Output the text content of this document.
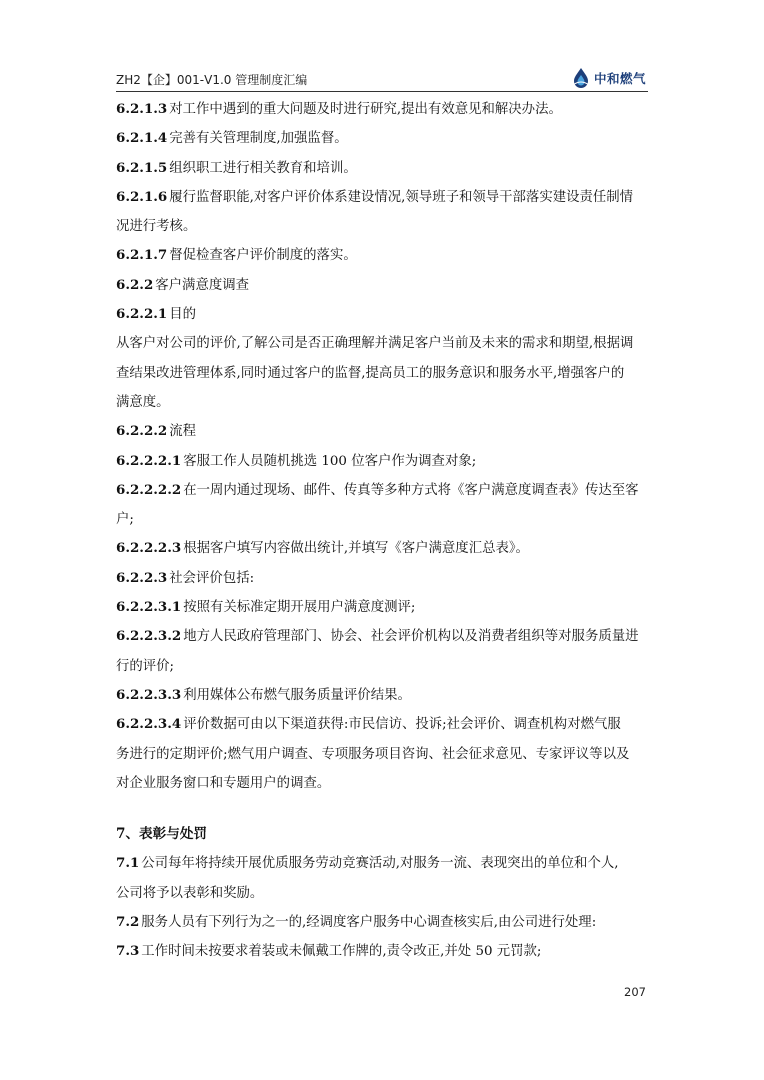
ZH2【企】001-V1.0 管理制度汇编	中和燃气

6.2.1.3 对工作中遇到的重大问题及时进行研究,提出有效意见和解决办法。

6.2.1.4 完善有关管理制度,加强监督。

6.2.1.5 组织职工进行相关教育和培训。

6.2.1.6 履行监督职能,对客户评价体系建设情况,领导班子和领导干部落实建设责任制情

况进行考核。

6.2.1.7 督促检查客户评价制度的落实。

6.2.2 客户满意度调查

6.2.2.1 目的

从客户对公司的评价,了解公司是否正确理解并满足客户当前及未来的需求和期望,根据调

查结果改进管理体系,同时通过客户的监督,提高员工的服务意识和服务水平,增强客户的

满意度。

6.2.2.2 流程

6.2.2.2.1 客服工作人员随机挑选 100 位客户作为调查对象;

6.2.2.2.2 在一周内通过现场、邮件、传真等多种方式将《客户满意度调查表》传达至客

户;

6.2.2.2.3 根据客户填写内容做出统计,并填写《客户满意度汇总表》。

6.2.2.3 社会评价包括:

6.2.2.3.1 按照有关标准定期开展用户满意度测评;

6.2.2.3.2 地方人民政府管理部门、协会、社会评价机构以及消费者组织等对服务质量进

行的评价;

6.2.2.3.3 利用媒体公布燃气服务质量评价结果。

6.2.2.3.4 评价数据可由以下渠道获得:市民信访、投诉;社会评价、调查机构对燃气服

务进行的定期评价;燃气用户调查、专项服务项目咨询、社会征求意见、专家评议等以及

对企业服务窗口和专题用户的调查。

7、表彰与处罚

7.1 公司每年将持续开展优质服务劳动竞赛活动,对服务一流、表现突出的单位和个人,

公司将予以表彰和奖励。

7.2 服务人员有下列行为之一的,经调度客户服务中心调查核实后,由公司进行处理:

7.3 工作时间未按要求着装或未佩戴工作牌的,责令改正,并处 50 元罚款;

207
